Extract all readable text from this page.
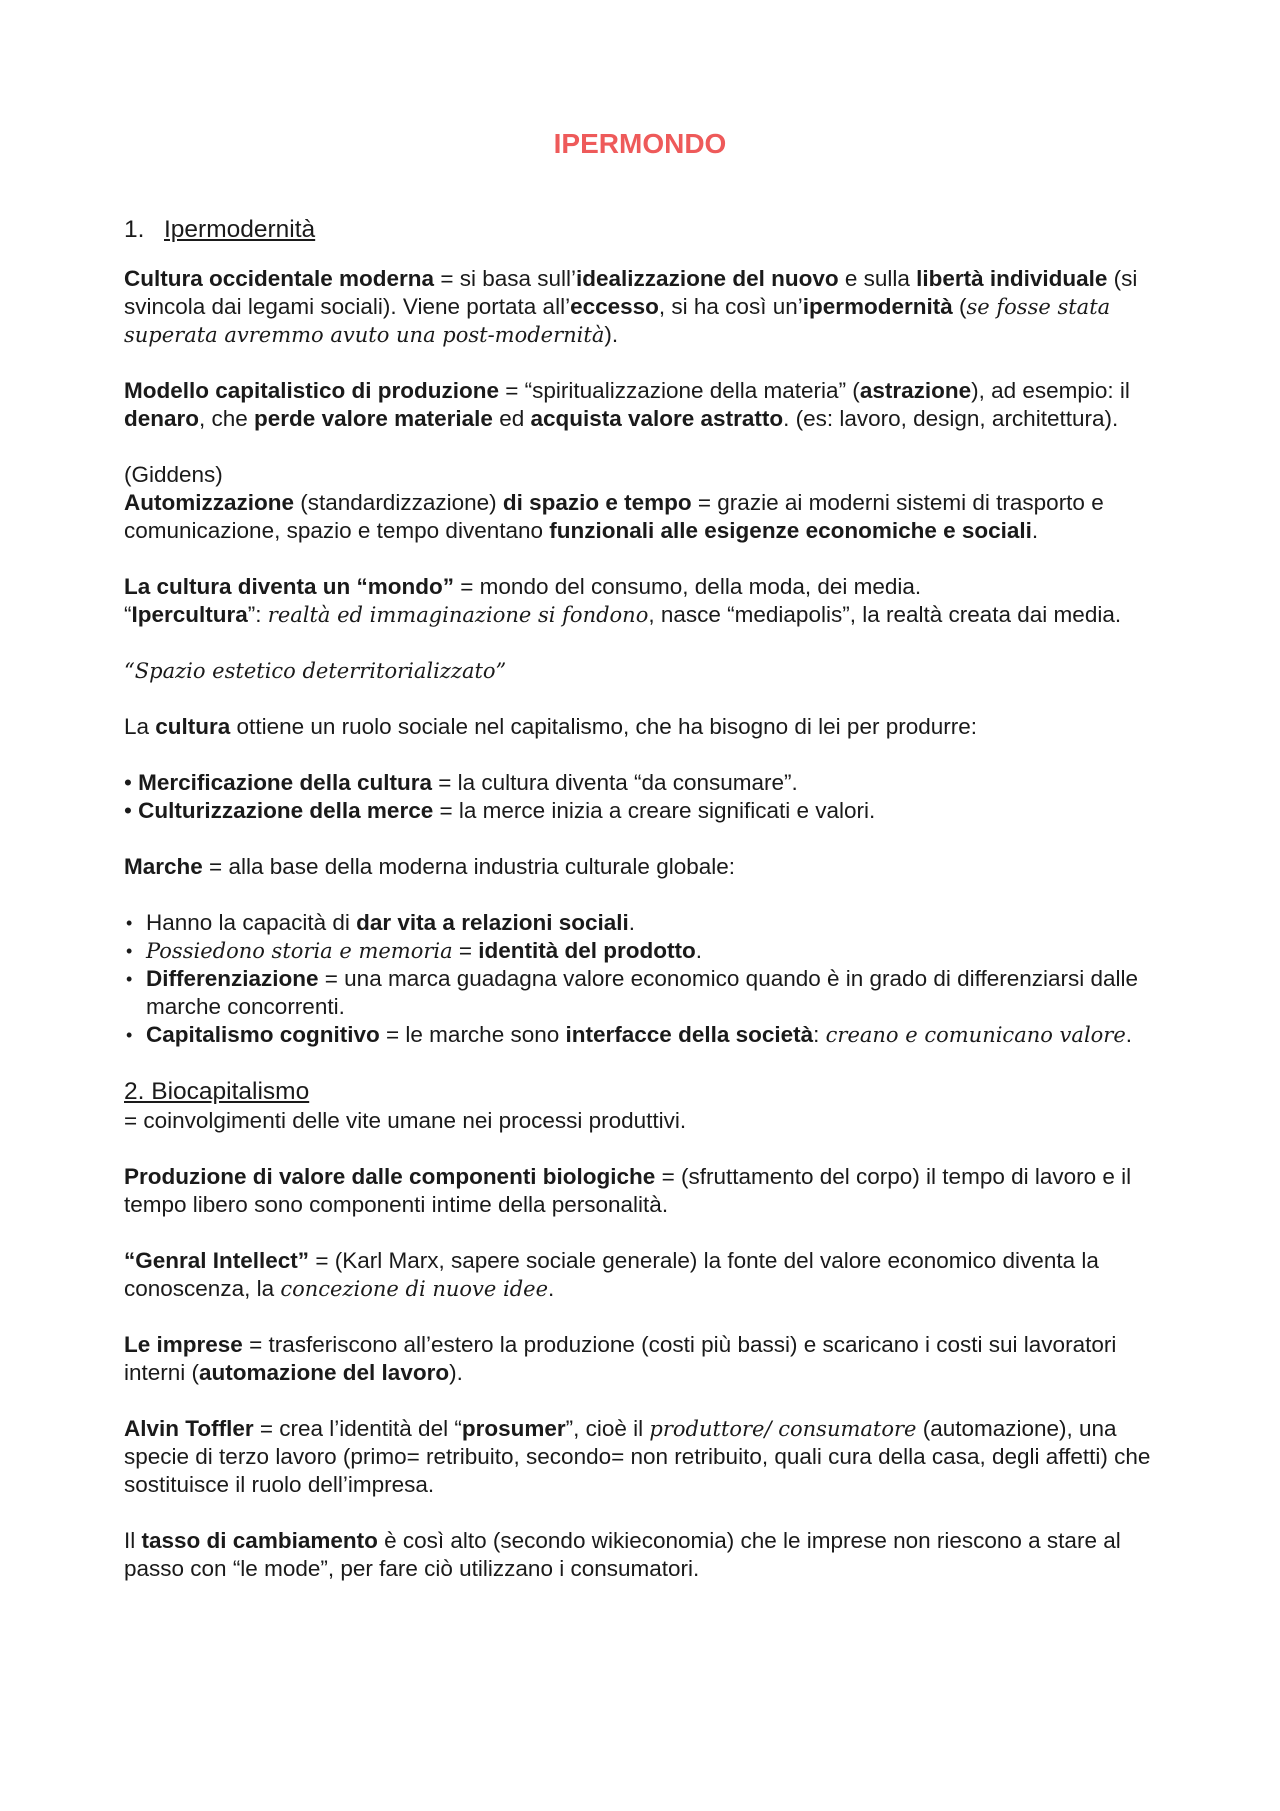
IPERMONDO
1. Ipermodernità

Cultura occidentale moderna = si basa sull’idealizzazione del nuovo e sulla libertà individuale (si svincola dai legami sociali). Viene portata all’eccesso, si ha così un’ipermodernità (se fosse stata superata avremmo avuto una post-modernità).

Modello capitalistico di produzione = “spiritualizzazione della materia” (astrazione), ad esempio: il denaro, che perde valore materiale ed acquista valore astratto. (es: lavoro, design, architettura).

(Giddens)
Automizzazione (standardizzazione) di spazio e tempo = grazie ai moderni sistemi di trasporto e comunicazione, spazio e tempo diventano funzionali alle esigenze economiche e sociali.

La cultura diventa un “mondo” = mondo del consumo, della moda, dei media.
“Ipercultura”: realtà ed immaginazione si fondono, nasce “mediapolis”, la realtà creata dai media.

“Spazio estetico deterritorializzato”

La cultura ottiene un ruolo sociale nel capitalismo, che ha bisogno di lei per produrre:

• Mercificazione della cultura = la cultura diventa “da consumare”.
• Culturizzazione della merce = la merce inizia a creare significati e valori.

Marche = alla base della moderna industria culturale globale:

• Hanno la capacità di dar vita a relazioni sociali.
• Possiedono storia e memoria = identità del prodotto.
• Differenziazione = una marca guadagna valore economico quando è in grado di differenziarsi dalle marche concorrenti.
• Capitalismo cognitivo = le marche sono interfacce della società: creano e comunicano valore.
2. Biocapitalismo

= coinvolgimenti delle vite umane nei processi produttivi.

Produzione di valore dalle componenti biologiche = (sfruttamento del corpo) il tempo di lavoro e il tempo libero sono componenti intime della personalità.

“Genral Intellect” = (Karl Marx, sapere sociale generale) la fonte del valore economico diventa la conoscenza, la concezione di nuove idee.

Le imprese = trasferiscono all’estero la produzione (costi più bassi) e scaricano i costi sui lavoratori interni (automazione del lavoro).

Alvin Toffler = crea l’identità del “prosumer”, cioè il produttore/ consumatore (automazione), una specie di terzo lavoro (primo= retribuito, secondo= non retribuito, quali cura della casa, degli affetti) che sostituisce il ruolo dell’impresa.

Il tasso di cambiamento è così alto (secondo wikieconomia) che le imprese non riescono a stare al passo con “le mode”, per fare ciò utilizzano i consumatori.
